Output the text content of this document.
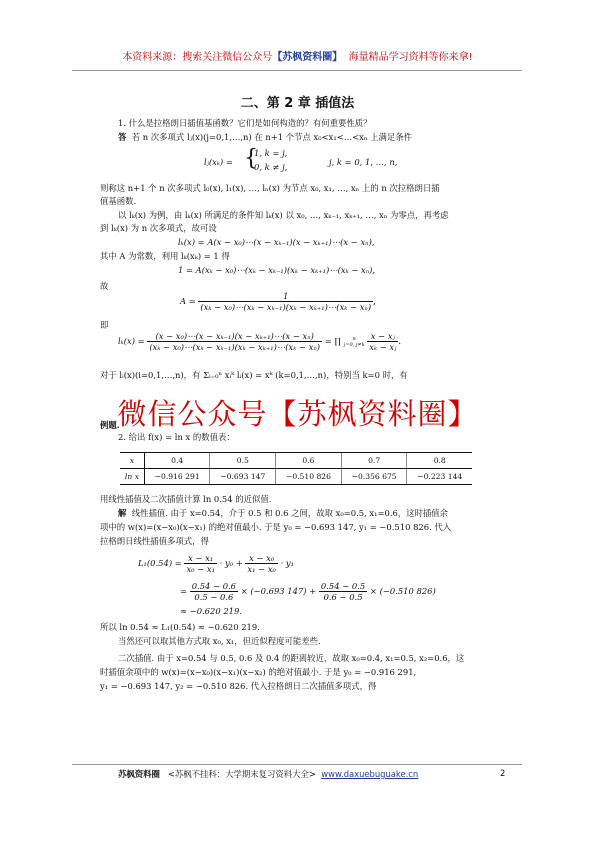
本资料来源：搜索关注微信公众号【苏枫资料圈】 海量精品学习资料等你来拿!
二、第 2 章 插值法
1. 什么是拉格朗日插值基函数？它们是如何构造的？有何重要性质？
答 若 n 次多项式 lⱼ(x)(j=0,1,…,n) 在 n+1 个节点 x₀<x₁<…<xₙ 上满足条件
lⱼ(xₖ) = {
1, k = j,
0, k ≠ j,	j, k = 0, 1, …, n,
则称这 n+1 个 n 次多项式 l₀(x), l₁(x), …, lₙ(x) 为节点 x₀, x₁, …, xₙ 上的 n 次拉格朗日插
值基函数.
以 lₖ(x) 为例，由 lₖ(x) 所满足的条件知 lₖ(x) 以 x₀, …, xₖ₋₁, xₖ₊₁, …, xₙ 为零点，再考虑
到 lₖ(x) 为 n 次多项式，故可设
lₖ(x) = A(x − x₀)⋯(x − xₖ₋₁)(x − xₖ₊₁)⋯(x − xₙ),
其中 A 为常数，利用 lₖ(xₖ) = 1 得
1 = A(xₖ − x₀)⋯(xₖ − xₖ₋₁)(xₖ − xₖ₊₁)⋯(xₖ − xₙ),
故
$A = \frac{1}{\text{(xₖ − x₀)⋯(xₖ − xₖ₋₁)(xₖ − xₖ₊₁)⋯(xₖ − xₙ)}}$ ,
即
$l_k(x) = \frac{\text{(x − x₀)⋯(x − xₖ₋₁)(x − xₖ₊₁)⋯(x − xₙ)}}{\text{(xₖ − x₀)⋯(xₖ − xₖ₋₁)(xₖ − xₖ₊₁)⋯(xₖ − xₙ)}}$ = ∏	n
j=0, j≠k
$\frac{\text{x − xⱼ}}{\text{xₖ − xⱼ}}$ .
对于 lᵢ(x)(i=0,1,…,n)，有 Σᵢ₌₀ⁿ xᵢᵏ lᵢ(x) = xᵏ (k=0,1,…,n)，特别当 k=0 时，有
微信公众号【苏枫资料圈】
例题.
2. 给出 f(x) = ln x 的数值表：
x	0.4	0.5	0.6	0.7	0.8
ln x	−0.916 291	−0.693 147	−0.510 826	−0.356 675	−0.223 144
用线性插值及二次插值计算 ln 0.54 的近似值.
解 线性插值. 由于 x=0.54，介于 0.5 和 0.6 之间，故取 x₀=0.5, x₁=0.6，这时插值余
项中的 w(x)=(x−x₀)(x−x₁) 的绝对值最小. 于是 y₀ = −0.693 147, y₁ = −0.510 826. 代入
拉格朗日线性插值多项式，得
$L_1(0.54) = \frac{\text{x − x₁}}{\text{x₀ − x₁}} \cdot y_0 + \frac{\text{x − x₀}}{\text{x₁ − x₀}} \cdot y_1$
= $\frac{0.54 - 0.6}{0.5 - 0.6} \times (-0.693$ $147) + \frac{0.54 - 0.5}{0.6 - 0.5} \times (-0.510$ 826)
≈ −0.620 219.
所以 ln 0.54 ≈ L₁(0.54) ≈ −0.620 219.
当然还可以取其他方式取 x₀, x₁，但近似程度可能差些.
二次插值. 由于 x=0.54 与 0.5, 0.6 及 0.4 的距离较近，故取 x₀=0.4, x₁=0.5, x₂=0.6，这
时插值余项中的 w(x)=(x−x₀)(x−x₁)(x−x₂) 的绝对值最小. 于是 y₀ = −0.916 291,
y₁ = −0.693 147, y₂ = −0.510 826. 代入拉格朗日二次插值多项式，得
苏枫资料圈 <苏枫不挂科：大学期末复习资料大全> www.daxuebuguake.cn	2
